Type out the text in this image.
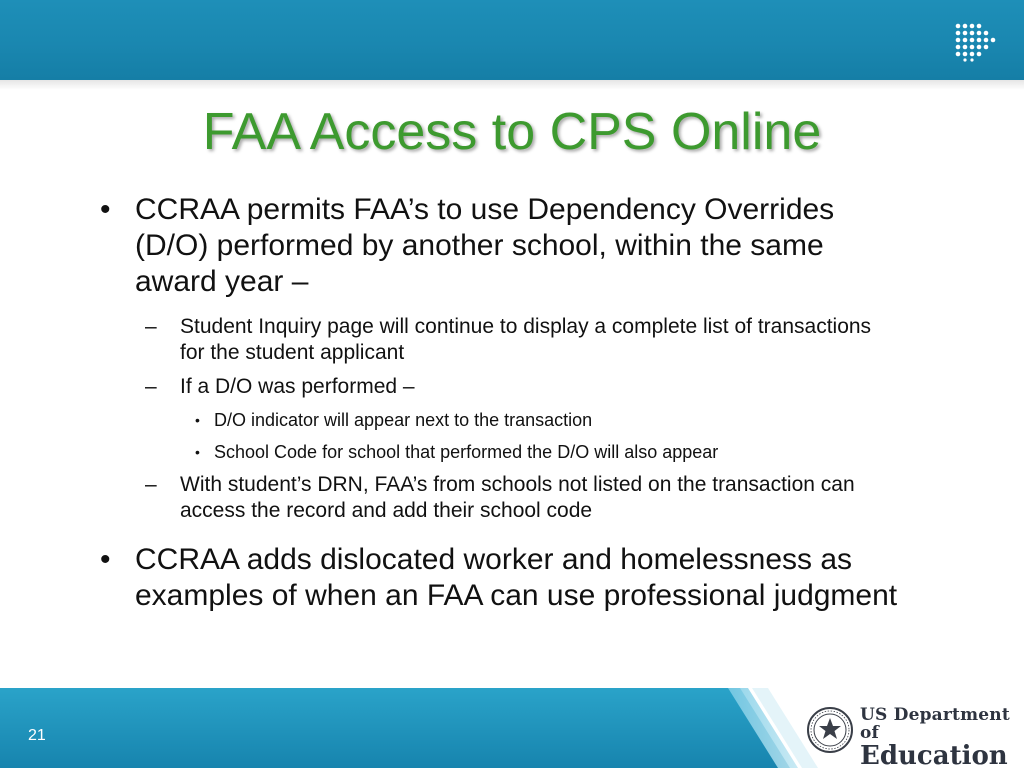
FAA Access to CPS Online

• CCRAA permits FAA’s to use Dependency Overrides (D/O) performed by another school, within the same award year –

– Student Inquiry page will continue to display a complete list of transactions for the student applicant

– If a D/O was performed –

• D/O indicator will appear next to the transaction

• School Code for school that performed the D/O will also appear

– With student’s DRN, FAA’s from schools not listed on the transaction can access the record and add their school code

• CCRAA adds dislocated worker and homelessness as examples of when an FAA can use professional judgment

21
US Department of
Education
